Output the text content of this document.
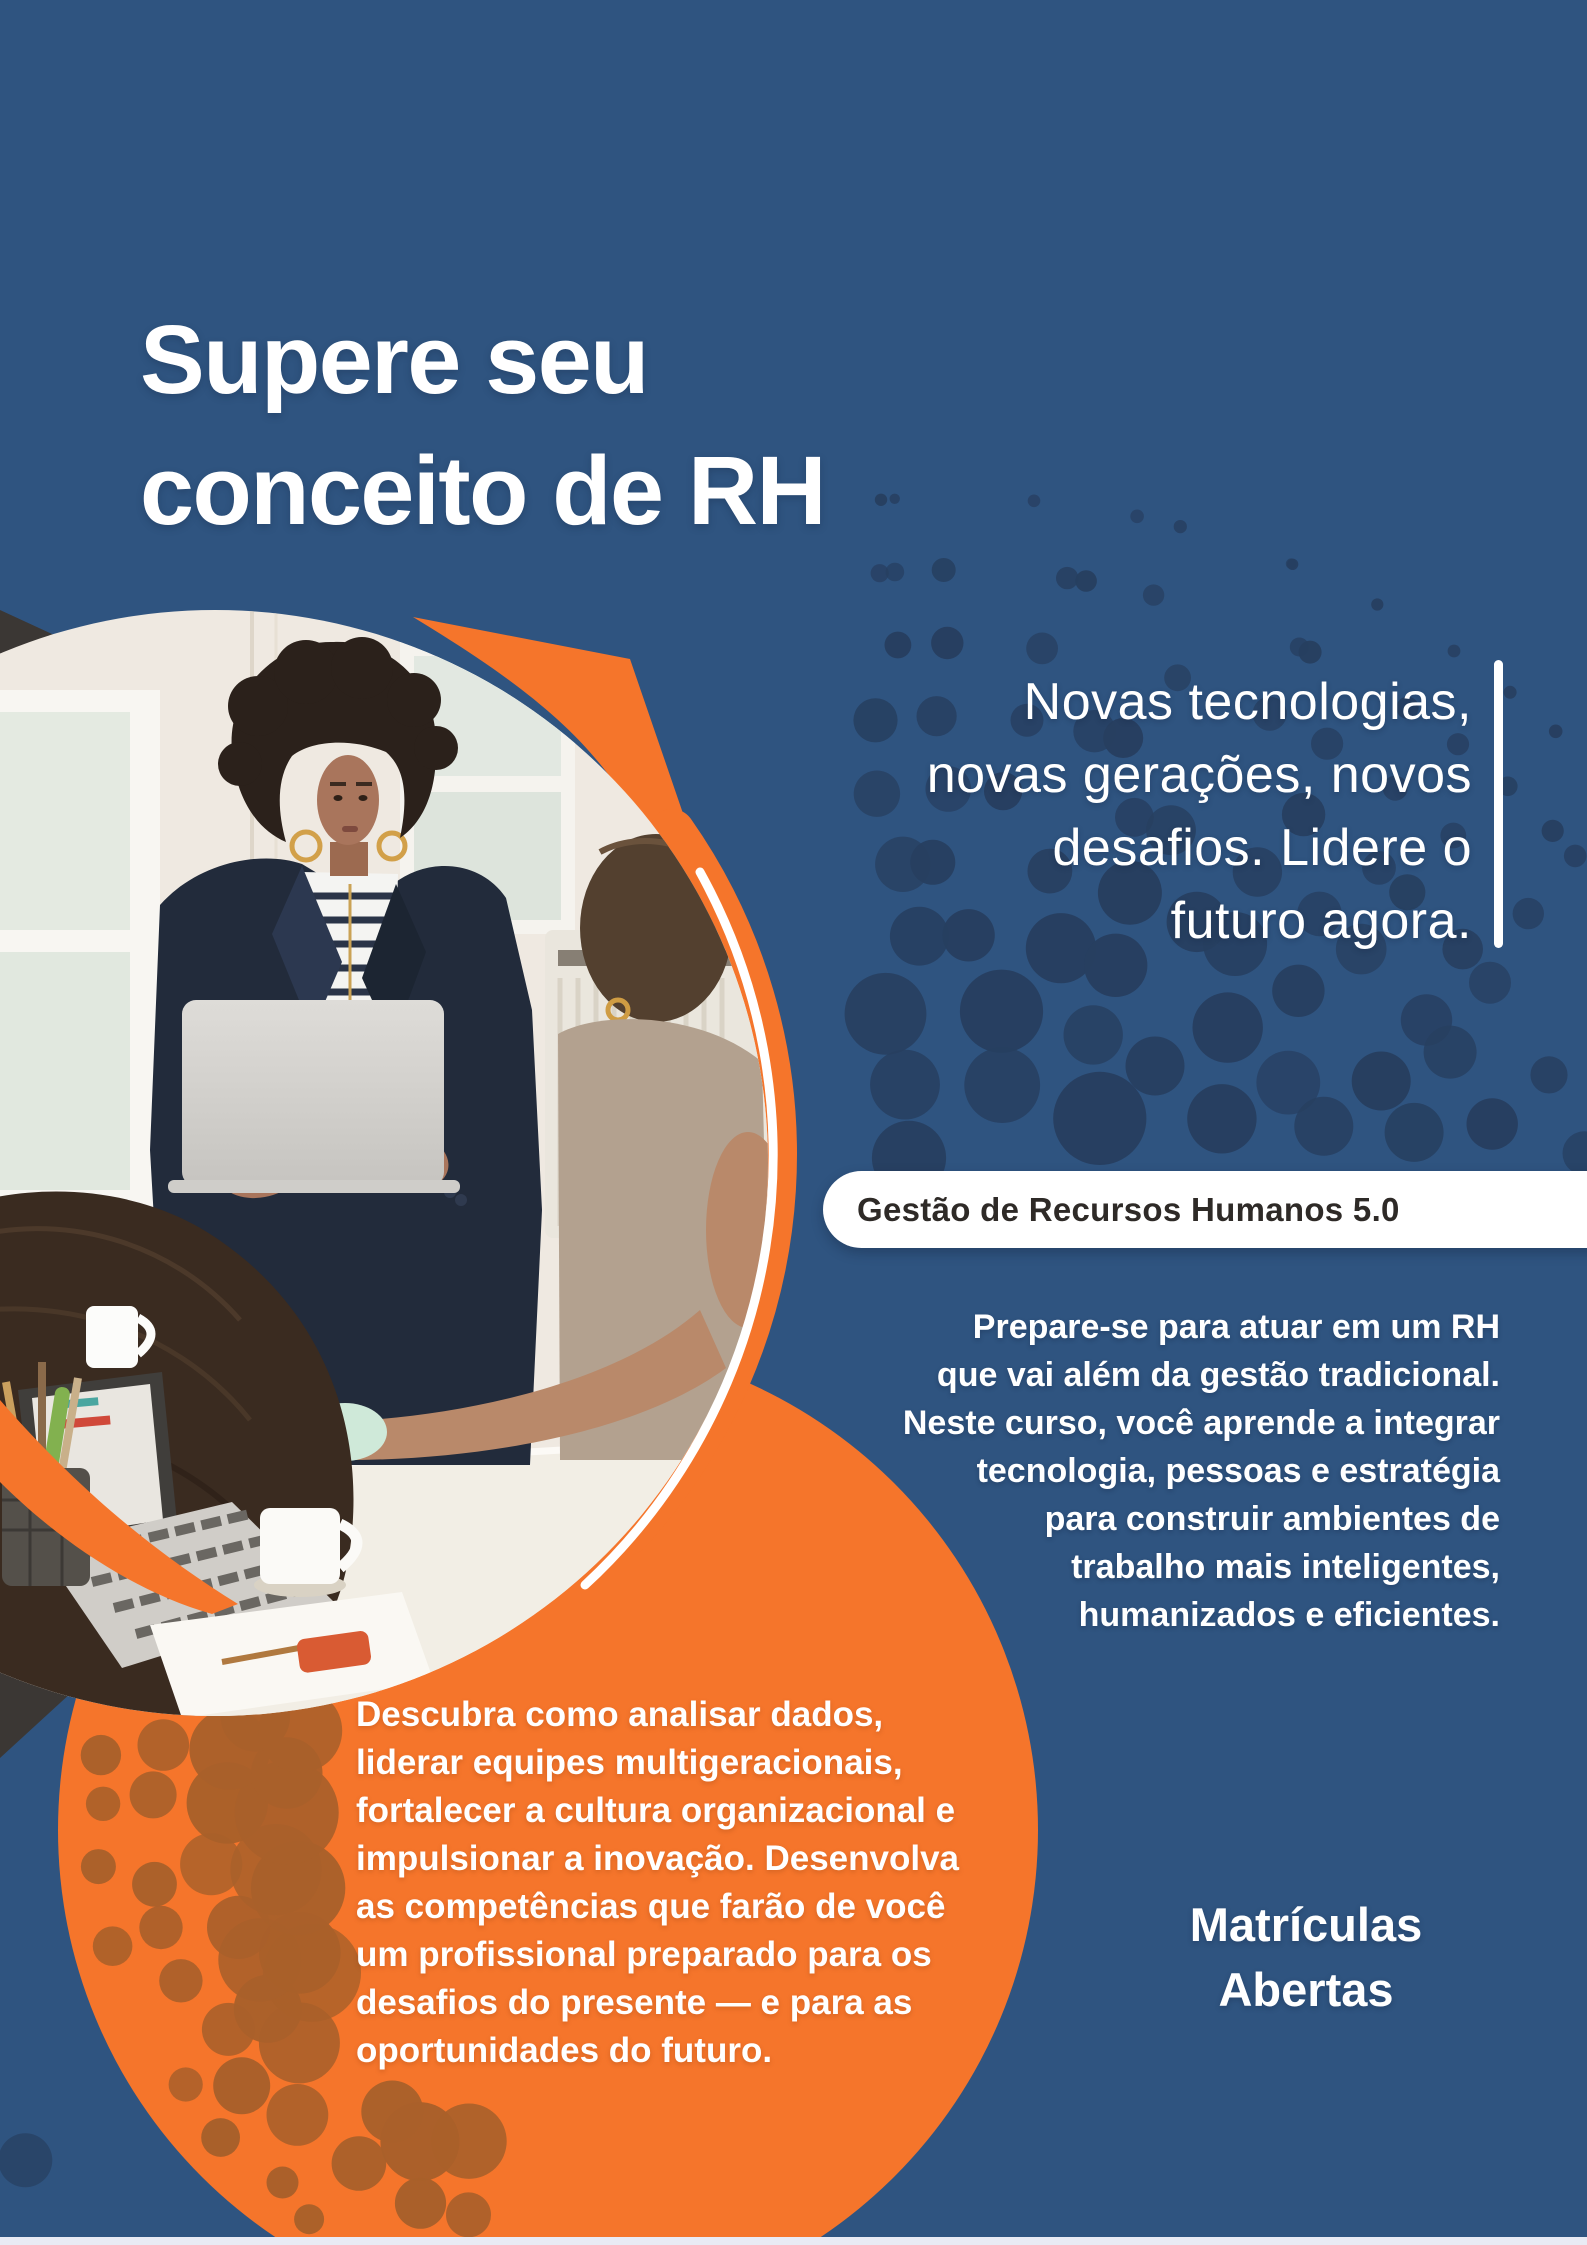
Supere seu
conceito de RH
Novas tecnologias,
novas gerações, novos
desafios. Lidere o
futuro agora.
Gestão de Recursos Humanos 5.0
Prepare-se para atuar em um RH
que vai além da gestão tradicional.
Neste curso, você aprende a integrar
tecnologia, pessoas e estratégia
para construir ambientes de
trabalho mais inteligentes,
humanizados e eficientes.
Descubra como analisar dados,
liderar equipes multigeracionais,
fortalecer a cultura organizacional e
impulsionar a inovação. Desenvolva
as competências que farão de você
um profissional preparado para os
desafios do presente — e para as
oportunidades do futuro.
Matrículas
Abertas
